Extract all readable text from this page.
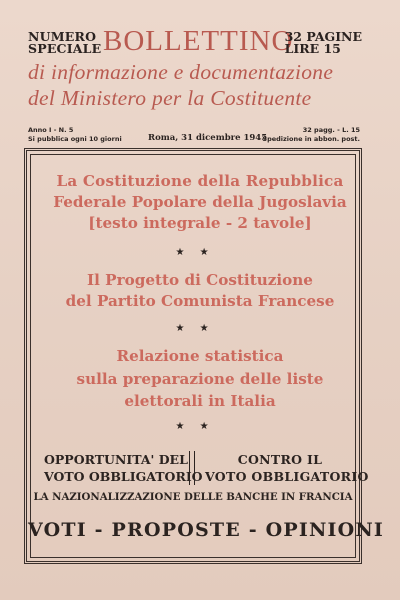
NUMERO
SPECIALE BOLLETTINO
32 PAGINE
LIRE 15
di informazione e documentazione
del Ministero per la Costituente
Anno I - N. 5
Si pubblica ogni 10 giorni	Roma, 31 dicembre 1945
32 pagg. - L. 15
Spedizione in abbon. post.
La Costituzione della Repubblica
Federale Popolare della Jugoslavia
[testo integrale - 2 tavole]
★ ★
Il Progetto di Costituzione
del Partito Comunista Francese
★ ★
Relazione statistica
sulla preparazione delle liste
elettorali in Italia
★ ★
OPPORTUNITA' DEL
VOTO OBBLIGATORIO
CONTRO IL
VOTO OBBLIGATORIO
LA NAZIONALIZZAZIONE DELLE BANCHE IN FRANCIA
VOTI - PROPOSTE - OPINIONI
